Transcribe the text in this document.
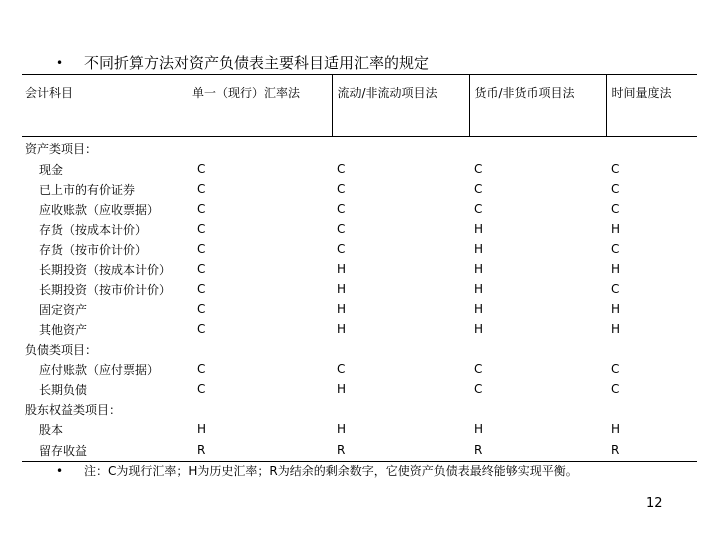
• 不同折算方法对资产负债表主要科目适用汇率的规定
会计科目	单一（现行）汇率法	流动/非流动项目法	货币/非货币项目法	时间量度法
资产类项目：				
现金	C	C	C	C
已上市的有价证券	C	C	C	C
应收账款（应收票据）	C	C	C	C
存货（按成本计价）	C	C	H	H
存货（按市价计价）	C	C	H	C
长期投资（按成本计价）	C	H	H	H
长期投资（按市价计价）	C	H	H	C
固定资产	C	H	H	H
其他资产	C	H	H	H
负债类项目：				
应付账款（应付票据）	C	C	C	C
长期负债	C	H	C	C
股东权益类项目：				
股本	H	H	H	H
留存收益	R	R	R	R
• 注：C为现行汇率；H为历史汇率；R为结余的剩余数字，它使资产负债表最终能够实现平衡。
12
